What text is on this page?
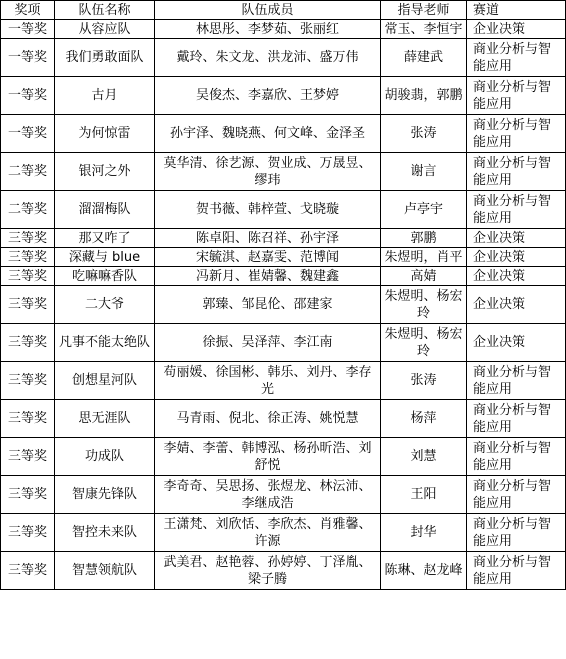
奖项	队伍名称	队伍成员	指导老师	赛道
一等奖	从容应队	林思彤、李梦茹、张丽红	常玉、李恒宇	企业决策
一等奖	我们勇敢面队	戴玲、朱文龙、洪龙沛、盛万伟	薛建武	商业分析与智能应用
一等奖	古月	吴俊杰、李嘉欣、王梦婷	胡骏翡，郭鹏	商业分析与智能应用
一等奖	为何惊雷	孙宇泽、魏晓燕、何文峰、金泽圣	张涛	商业分析与智能应用
二等奖	银河之外	莫华清、徐艺源、贺业成、万晟昱、缪玮	谢言	商业分析与智能应用
二等奖	溜溜梅队	贺书薇、韩梓萱、戈晓璇	卢亭宇	商业分析与智能应用
三等奖	那又咋了	陈卓阳、陈召祥、孙宇泽	郭鹏	企业决策
三等奖	深藏与 blue	宋毓淇、赵嘉雯、范博闻	朱煜明，肖平	企业决策
三等奖	吃嘛嘛香队	冯新月、崔婧馨、魏建鑫	高婧	企业决策
三等奖	二大爷	郭臻、邹昆伦、邵建家	朱煜明、杨宏玲	企业决策
三等奖	凡事不能太绝队	徐振、吴泽萍、李江南	朱煜明、杨宏玲	企业决策
三等奖	创想星河队	苟丽媛、徐国彬、韩乐、刘丹、李存光	张涛	商业分析与智能应用
三等奖	思无涯队	马青雨、倪北、徐正涛、姚悦慧	杨萍	商业分析与智能应用
三等奖	功成队	李婧、李蕾、韩博泓、杨孙昕浩、刘舒悦	刘慧	商业分析与智能应用
三等奖	智康先锋队	李奇奇、吴思扬、张煜龙、林沄沛、李继成浩	王阳	商业分析与智能应用
三等奖	智控未来队	王潇梵、刘欣恬、李欣杰、肖雅馨、许源	封华	商业分析与智能应用
三等奖	智慧领航队	武美君、赵艳蓉、孙婷婷、丁泽胤、梁子腾	陈琳、赵龙峰	商业分析与智能应用
